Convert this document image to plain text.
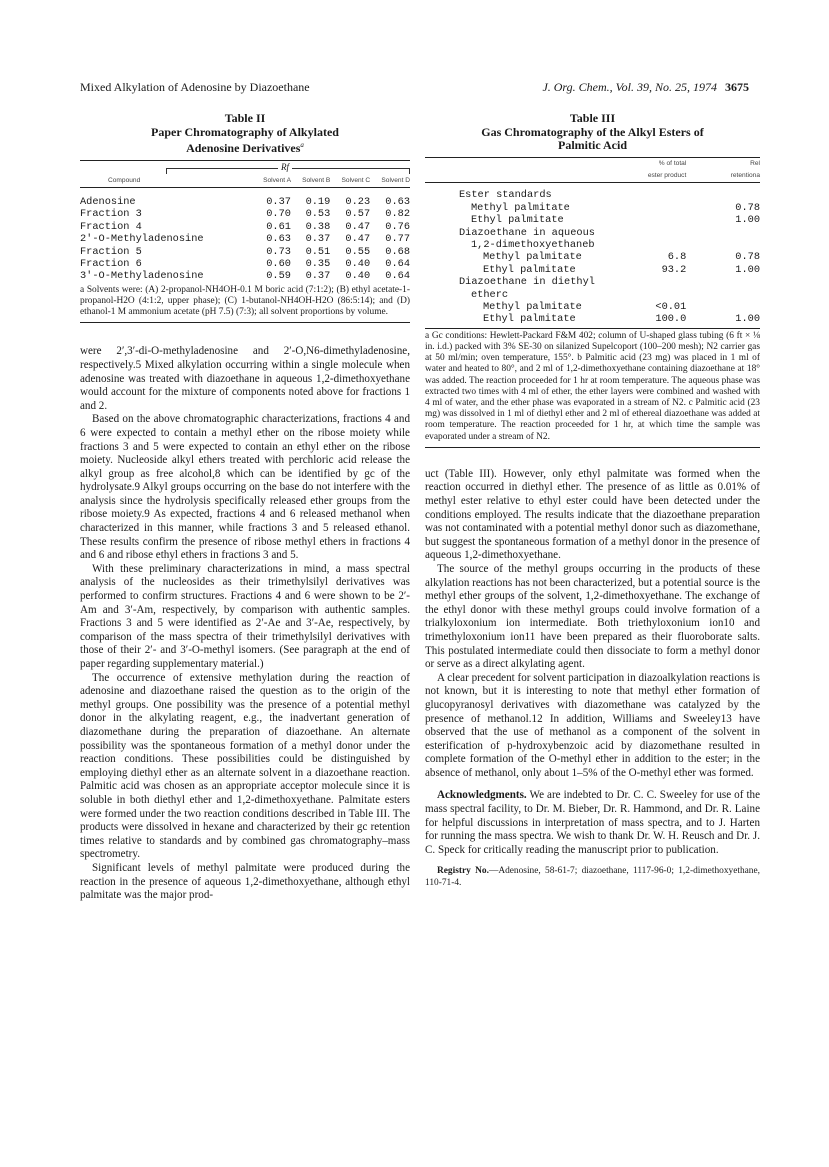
Mixed Alkylation of Adenosine by Diazoethane	J. Org. Chem., Vol. 39, No. 25, 1974 3675
Table II
Paper Chromatography of Alkylated
Adenosine Derivatives$^a$
Rf
Compound	Solvent A	Solvent B	Solvent C	Solvent D

Adenosine	0.37	0.19	0.23	0.63
Fraction 3	0.70	0.53	0.57	0.82
Fraction 4	0.61	0.38	0.47	0.76
2′-O-Methyladenosine	0.63	0.37	0.47	0.77
Fraction 5	0.73	0.51	0.55	0.68
Fraction 6	0.60	0.35	0.40	0.64
3′-O-Methyladenosine	0.59	0.37	0.40	0.64
a Solvents were: (A) 2-propanol-NH4OH-0.1 M boric acid (7:1:2); (B) ethyl acetate-1-propanol-H2O (4:1:2, upper phase); (C) 1-butanol-NH4OH-H2O (86:5:14); and (D) ethanol-1 M ammonium acetate (pH 7.5) (7:3); all solvent proportions by volume.

were 2′,3′-di-O-methyladenosine and 2′-O,N6-dimethyladenosine, respectively.5 Mixed alkylation occurring within a single molecule when adenosine was treated with diazoethane in aqueous 1,2-dimethoxyethane would account for the mixture of components noted above for fractions 1 and 2.

Based on the above chromatographic characterizations, fractions 4 and 6 were expected to contain a methyl ether on the ribose moiety while fractions 3 and 5 were expected to contain an ethyl ether on the ribose moiety. Nucleoside alkyl ethers treated with perchloric acid release the alkyl group as free alcohol,8 which can be identified by gc of the hydrolysate.9 Alkyl groups occurring on the base do not interfere with the analysis since the hydrolysis specifically released ether groups from the ribose moiety.9 As expected, fractions 4 and 6 released methanol when characterized in this manner, while fractions 3 and 5 released ethanol. These results confirm the presence of ribose methyl ethers in fractions 4 and 6 and ribose ethyl ethers in fractions 3 and 5.

With these preliminary characterizations in mind, a mass spectral analysis of the nucleosides as their trimethylsilyl derivatives was performed to confirm structures. Fractions 4 and 6 were shown to be 2′-Am and 3′-Am, respectively, by comparison with authentic samples. Fractions 3 and 5 were identified as 2′-Ae and 3′-Ae, respectively, by comparison of the mass spectra of their trimethylsilyl derivatives with those of their 2′- and 3′-O-methyl isomers. (See paragraph at the end of paper regarding supplementary material.)

The occurrence of extensive methylation during the reaction of adenosine and diazoethane raised the question as to the origin of the methyl groups. One possibility was the presence of a potential methyl donor in the alkylating reagent, e.g., the inadvertant generation of diazomethane during the preparation of diazoethane. An alternate possibility was the spontaneous formation of a methyl donor under the reaction conditions. These possibilities could be distinguished by employing diethyl ether as an alternate solvent in a diazoethane reaction. Palmitic acid was chosen as an appropriate acceptor molecule since it is soluble in both diethyl ether and 1,2-dimethoxyethane. Palmitate esters were formed under the two reaction conditions described in Table III. The products were dissolved in hexane and characterized by their gc retention times relative to standards and by combined gas chromatography–mass spectrometry.

Significant levels of methyl palmitate were produced during the reaction in the presence of aqueous 1,2-dimethoxyethane, although ethyl palmitate was the major prod-

Table III
Gas Chromatography of the Alkyl Esters of
Palmitic Acid
	% of total	Rel
	ester product	retentiona

Ester standards		
Methyl palmitate		0.78
Ethyl palmitate		1.00
Diazoethane in aqueous		
1,2-dimethoxyethaneb		
Methyl palmitate	6.8	0.78
Ethyl palmitate	93.2	1.00
Diazoethane in diethyl		
etherc		
Methyl palmitate	<0.01	
Ethyl palmitate	100.0	1.00
a Gc conditions: Hewlett-Packard F&M 402; column of U-shaped glass tubing (6 ft × ⅛ in. i.d.) packed with 3% SE-30 on silanized Supelcoport (100–200 mesh); N2 carrier gas at 50 ml/min; oven temperature, 155°. b Palmitic acid (23 mg) was placed in 1 ml of water and heated to 80°, and 2 ml of 1,2-dimethoxyethane containing diazoethane at 18° was added. The reaction proceeded for 1 hr at room temperature. The aqueous phase was extracted two times with 4 ml of ether, the ether layers were combined and washed with 4 ml of water, and the ether phase was evaporated in a stream of N2. c Palmitic acid (23 mg) was dissolved in 1 ml of diethyl ether and 2 ml of ethereal diazoethane was added at room temperature. The reaction proceeded for 1 hr, at which time the sample was evaporated under a stream of N2.

uct (Table III). However, only ethyl palmitate was formed when the reaction occurred in diethyl ether. The presence of as little as 0.01% of methyl ester relative to ethyl ester could have been detected under the conditions employed. The results indicate that the diazoethane preparation was not contaminated with a potential methyl donor such as diazomethane, but suggest the spontaneous formation of a methyl donor in the presence of aqueous 1,2-dimethoxyethane.

The source of the methyl groups occurring in the products of these alkylation reactions has not been characterized, but a potential source is the methyl ether groups of the solvent, 1,2-dimethoxyethane. The exchange of the ethyl donor with these methyl groups could involve formation of a trialkyloxonium ion intermediate. Both triethyloxonium ion10 and trimethyloxonium ion11 have been prepared as their fluoroborate salts. This postulated intermediate could then dissociate to form a methyl donor or serve as a direct alkylating agent.

A clear precedent for solvent participation in diazoalkylation reactions is not known, but it is interesting to note that methyl ether formation of glucopyranosyl derivatives with diazomethane was catalyzed by the presence of methanol.12 In addition, Williams and Sweeley13 have observed that the use of methanol as a component of the solvent in esterification of p-hydroxybenzoic acid by diazomethane resulted in complete formation of the O-methyl ether in addition to the ester; in the absence of methanol, only about 1–5% of the O-methyl ether was formed.

Acknowledgments. We are indebted to Dr. C. C. Sweeley for use of the mass spectral facility, to Dr. M. Bieber, Dr. R. Hammond, and Dr. R. Laine for helpful discussions in interpretation of mass spectra, and to J. Harten for running the mass spectra. We wish to thank Dr. W. H. Reusch and Dr. J. C. Speck for critically reading the manuscript prior to publication.

Registry No.—Adenosine, 58-61-7; diazoethane, 1117-96-0; 1,2-dimethoxyethane, 110-71-4.
